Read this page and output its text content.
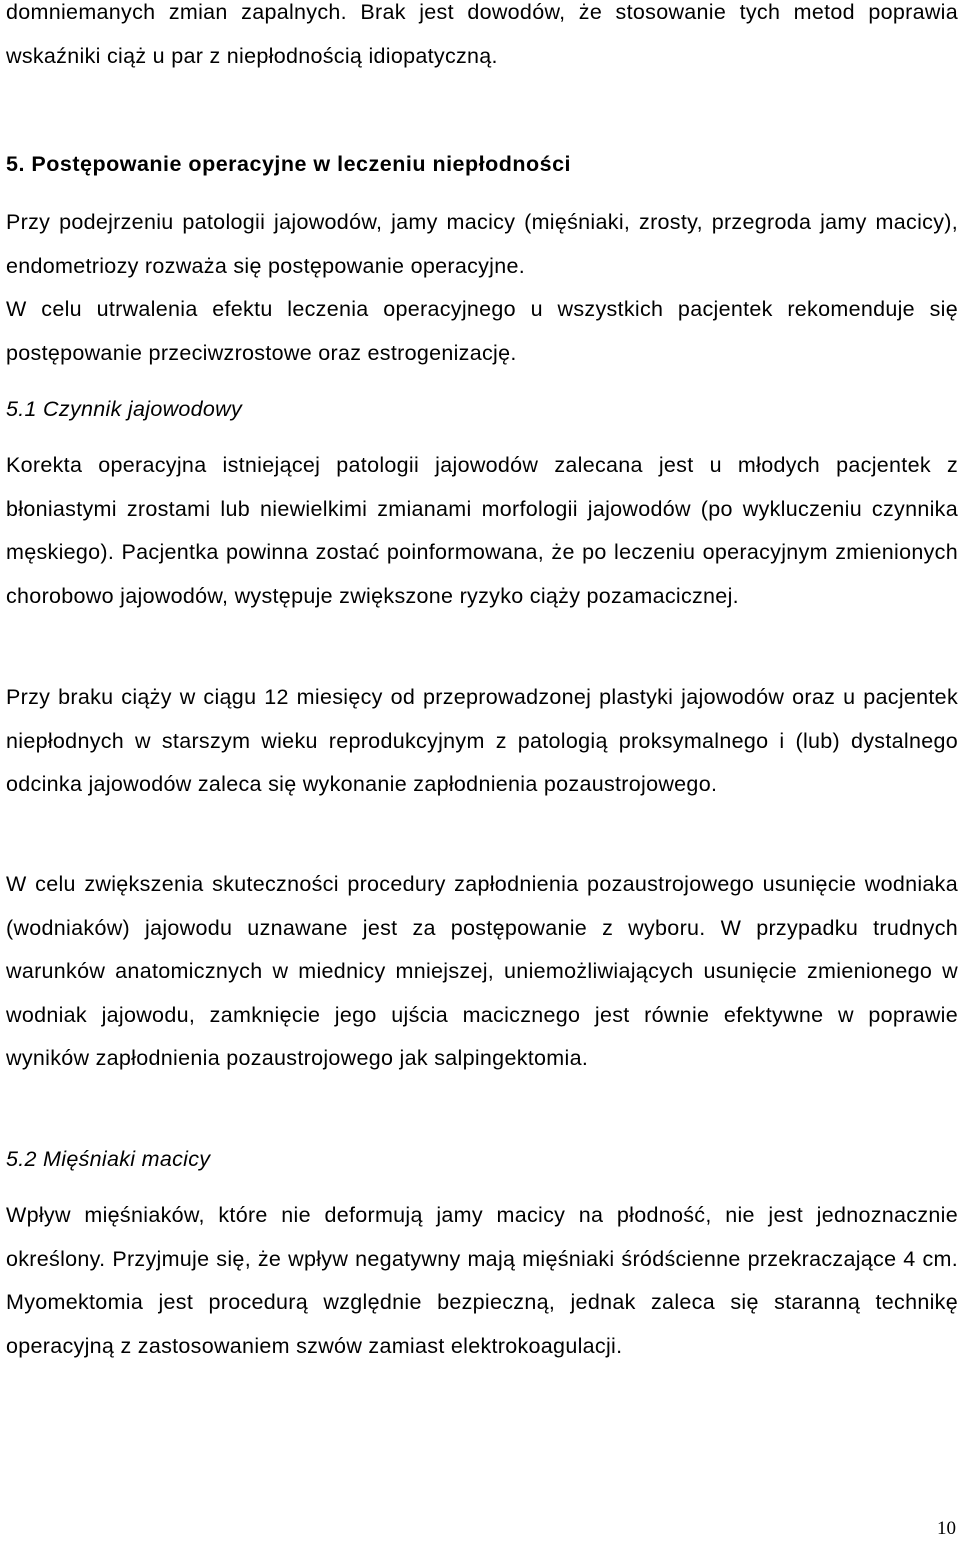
domniemanych zmian zapalnych. Brak jest dowodów, że stosowanie tych metod poprawia wskaźniki ciąż u par z niepłodnością idiopatyczną.

5. Postępowanie operacyjne w leczeniu niepłodności

Przy podejrzeniu patologii jajowodów, jamy macicy (mięśniaki, zrosty, przegroda jamy macicy), endometriozy rozważa się postępowanie operacyjne.

W celu utrwalenia efektu leczenia operacyjnego u wszystkich pacjentek rekomenduje się postępowanie przeciwzrostowe oraz estrogenizację.

5.1 Czynnik jajowodowy

Korekta operacyjna istniejącej patologii jajowodów zalecana jest u młodych pacjentek z błoniastymi zrostami lub niewielkimi zmianami morfologii jajowodów (po wykluczeniu czynnika męskiego). Pacjentka powinna zostać poinformowana, że po leczeniu operacyjnym zmienionych chorobowo jajowodów, występuje zwiększone ryzyko ciąży pozamacicznej.

Przy braku ciąży w ciągu 12 miesięcy od przeprowadzonej plastyki jajowodów oraz u pacjentek niepłodnych w starszym wieku reprodukcyjnym z patologią proksymalnego i (lub) dystalnego odcinka jajowodów zaleca się wykonanie zapłodnienia pozaustrojowego.

W celu zwiększenia skuteczności procedury zapłodnienia pozaustrojowego usunięcie wodniaka (wodniaków) jajowodu uznawane jest za postępowanie z wyboru. W przypadku trudnych warunków anatomicznych w miednicy mniejszej, uniemożliwiających usunięcie zmienionego w wodniak jajowodu, zamknięcie jego ujścia macicznego jest równie efektywne w poprawie wyników zapłodnienia pozaustrojowego jak salpingektomia.

5.2 Mięśniaki macicy

Wpływ mięśniaków, które nie deformują jamy macicy na płodność, nie jest jednoznacznie określony. Przyjmuje się, że wpływ negatywny mają mięśniaki śródścienne przekraczające 4 cm. Myomektomia jest procedurą względnie bezpieczną, jednak zaleca się staranną technikę operacyjną z zastosowaniem szwów zamiast elektrokoagulacji.

10
